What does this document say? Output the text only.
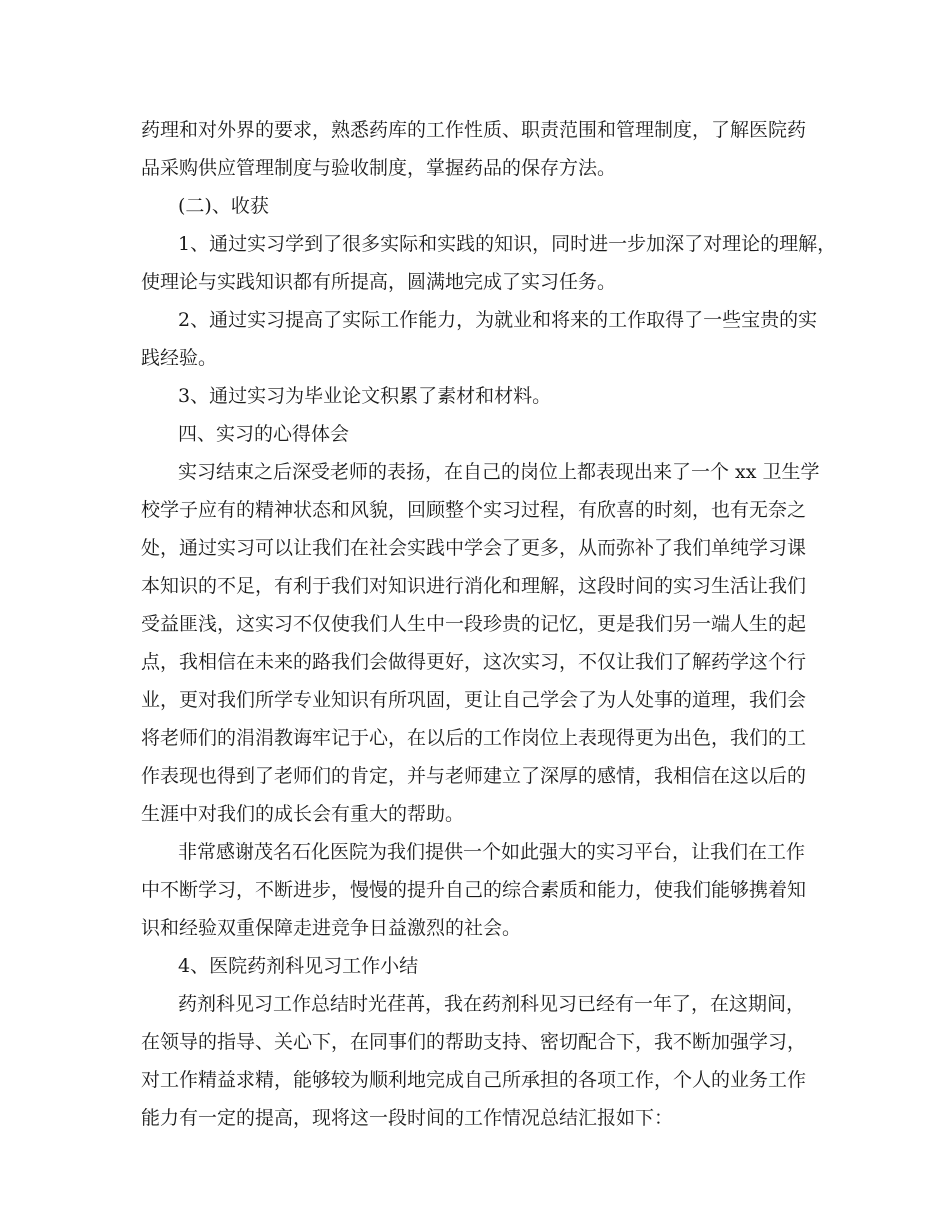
药理和对外界的要求，熟悉药库的工作性质、职责范围和管理制度，了解医院药
品采购供应管理制度与验收制度，掌握药品的保存方法。
(二)、收获
1、通过实习学到了很多实际和实践的知识，同时进一步加深了对理论的理解，
使理论与实践知识都有所提高，圆满地完成了实习任务。
2、通过实习提高了实际工作能力，为就业和将来的工作取得了一些宝贵的实
践经验。
3、通过实习为毕业论文积累了素材和材料。
四、实习的心得体会
实习结束之后深受老师的表扬，在自己的岗位上都表现出来了一个 xx 卫生学
校学子应有的精神状态和风貌，回顾整个实习过程，有欣喜的时刻，也有无奈之
处，通过实习可以让我们在社会实践中学会了更多，从而弥补了我们单纯学习课
本知识的不足，有利于我们对知识进行消化和理解，这段时间的实习生活让我们
受益匪浅，这实习不仅使我们人生中一段珍贵的记忆，更是我们另一端人生的起
点，我相信在未来的路我们会做得更好，这次实习，不仅让我们了解药学这个行
业，更对我们所学专业知识有所巩固，更让自己学会了为人处事的道理，我们会
将老师们的涓涓教诲牢记于心，在以后的工作岗位上表现得更为出色，我们的工
作表现也得到了老师们的肯定，并与老师建立了深厚的感情，我相信在这以后的
生涯中对我们的成长会有重大的帮助。
非常感谢茂名石化医院为我们提供一个如此强大的实习平台，让我们在工作
中不断学习，不断进步，慢慢的提升自己的综合素质和能力，使我们能够携着知
识和经验双重保障走进竞争日益激烈的社会。
4、医院药剂科见习工作小结
药剂科见习工作总结时光荏苒，我在药剂科见习已经有一年了，在这期间，
在领导的指导、关心下，在同事们的帮助支持、密切配合下，我不断加强学习，
对工作精益求精，能够较为顺利地完成自己所承担的各项工作，个人的业务工作
能力有一定的提高，现将这一段时间的工作情况总结汇报如下：
